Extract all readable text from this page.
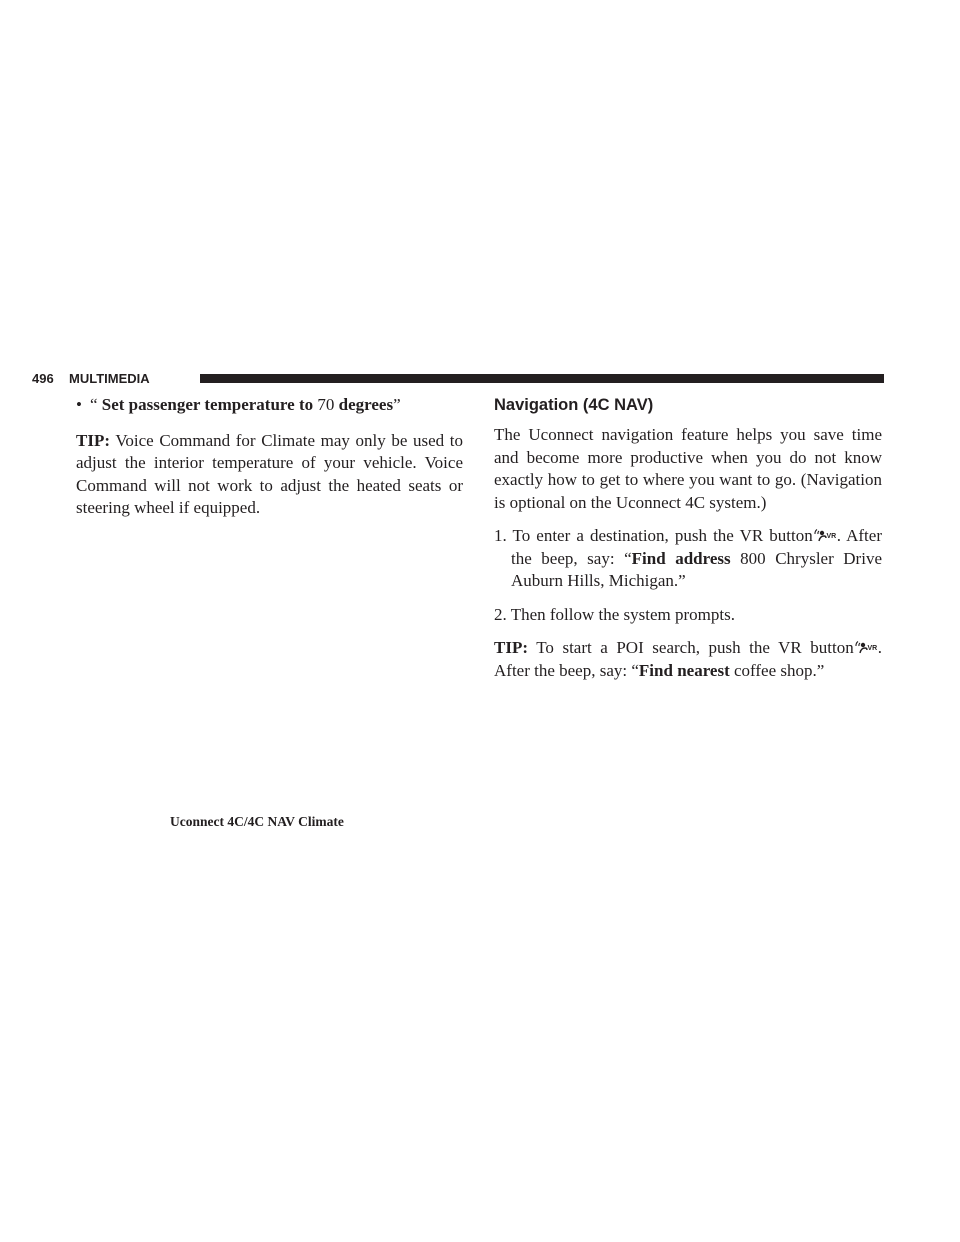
496 MULTIMEDIA

• “ Set passenger temperature to 70 degrees”

TIP: Voice Command for Climate may only be used to adjust the interior temperature of your vehicle. Voice Command will not work to adjust the heated seats or steering wheel if equipped.

Uconnect 4C/4C NAV Climate
Navigation (4C NAV)

The Uconnect navigation feature helps you save time and become more productive when you do not know exactly how to get to where you want to go. (Navigation is optional on the Uconnect 4C system.)

1. To enter a destination, push the VR button VR . After the beep, say: “Find address 800 Chrysler Drive Auburn Hills, Michigan.”

2. Then follow the system prompts.

TIP: To start a POI search, push the VR button VR . After the beep, say: “Find nearest coffee shop.”
